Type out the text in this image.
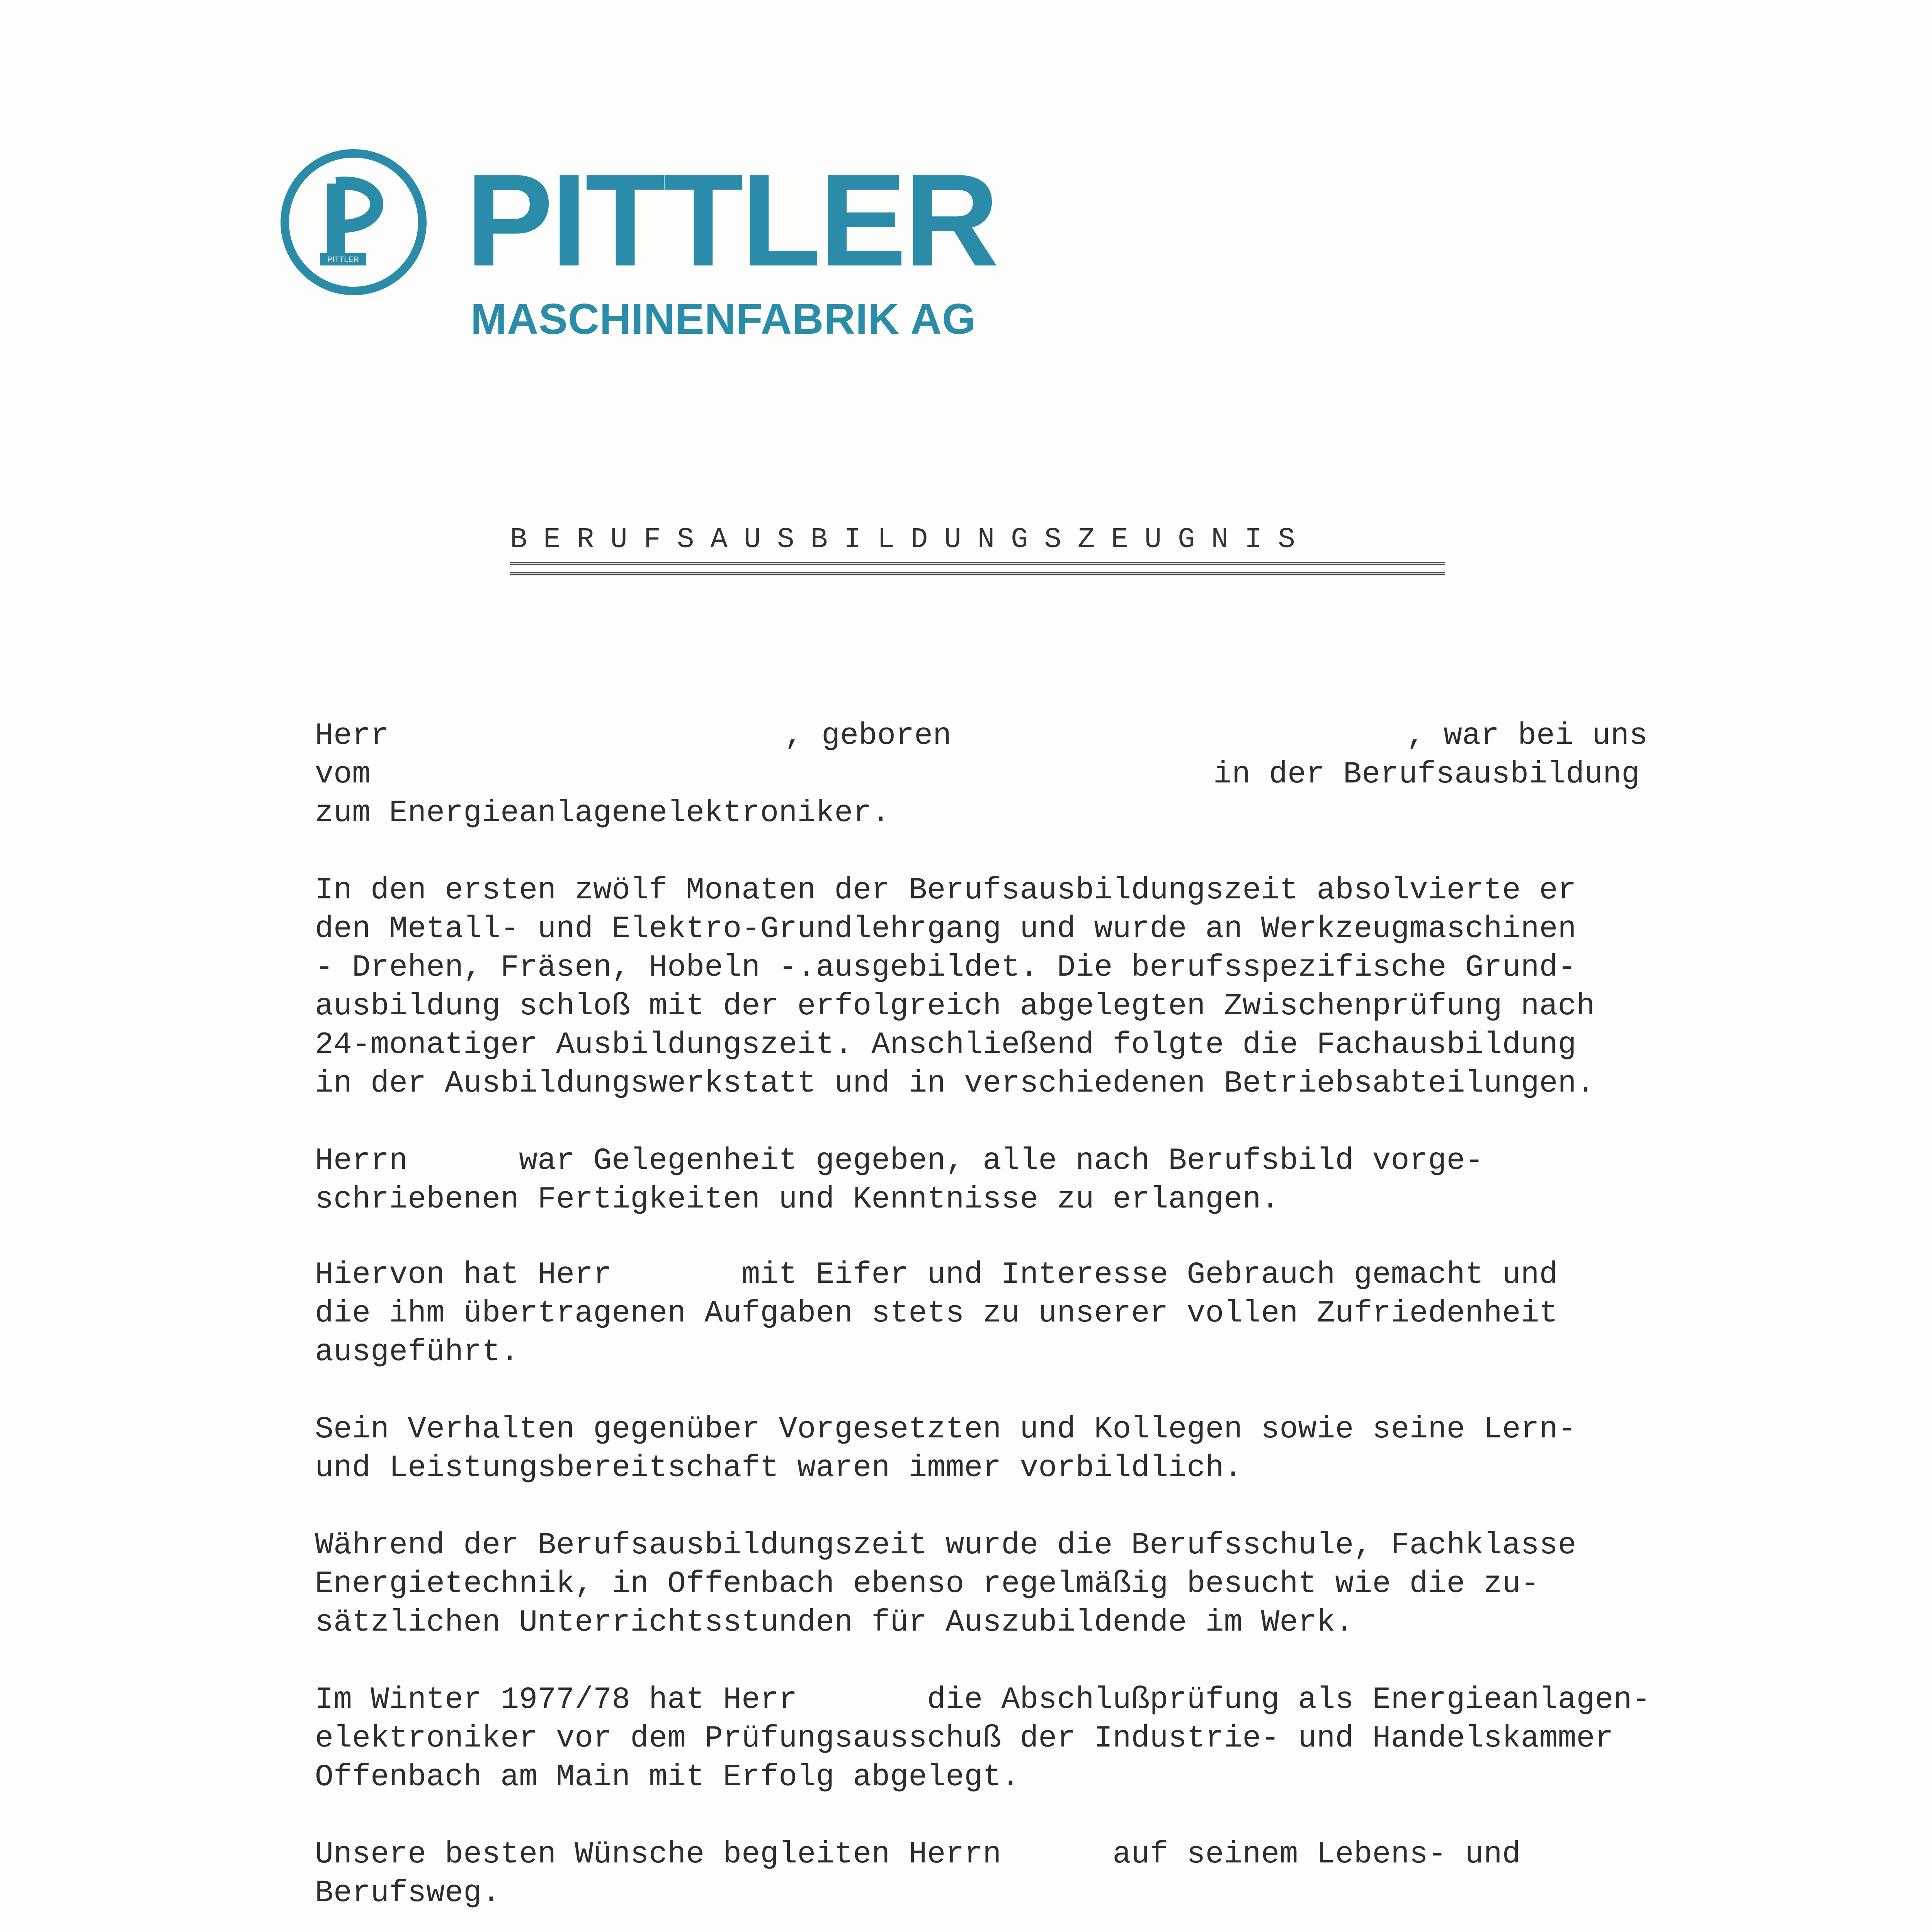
PITTLER PITTLER
MASCHINENFABRIK AG
BERUFSAUSBILDUNGSZEUGNIS
Herr	, geboren	, war bei uns
vom	in der Berufsausbildung
zum Energieanlagenelektroniker.
In den ersten zwölf Monaten der Berufsausbildungszeit absolvierte er
den Metall- und Elektro-Grundlehrgang und wurde an Werkzeugmaschinen
- Drehen, Fräsen, Hobeln -.ausgebildet. Die berufsspezifische Grund-
ausbildung schloß mit der erfolgreich abgelegten Zwischenprüfung nach
24-monatiger Ausbildungszeit. Anschließend folgte die Fachausbildung
in der Ausbildungswerkstatt und in verschiedenen Betriebsabteilungen.
Herrn      war Gelegenheit gegeben, alle nach Berufsbild vorge-
schriebenen Fertigkeiten und Kenntnisse zu erlangen.
Hiervon hat Herr       mit Eifer und Interesse Gebrauch gemacht und
die ihm übertragenen Aufgaben stets zu unserer vollen Zufriedenheit
ausgeführt.
Sein Verhalten gegenüber Vorgesetzten und Kollegen sowie seine Lern-
und Leistungsbereitschaft waren immer vorbildlich.
Während der Berufsausbildungszeit wurde die Berufsschule, Fachklasse
Energietechnik, in Offenbach ebenso regelmäßig besucht wie die zu-
sätzlichen Unterrichtsstunden für Auszubildende im Werk.
Im Winter 1977/78 hat Herr       die Abschlußprüfung als Energieanlagen-
elektroniker vor dem Prüfungsausschuß der Industrie- und Handelskammer
Offenbach am Main mit Erfolg abgelegt.
Unsere besten Wünsche begleiten Herrn      auf seinem Lebens- und
Berufsweg.
